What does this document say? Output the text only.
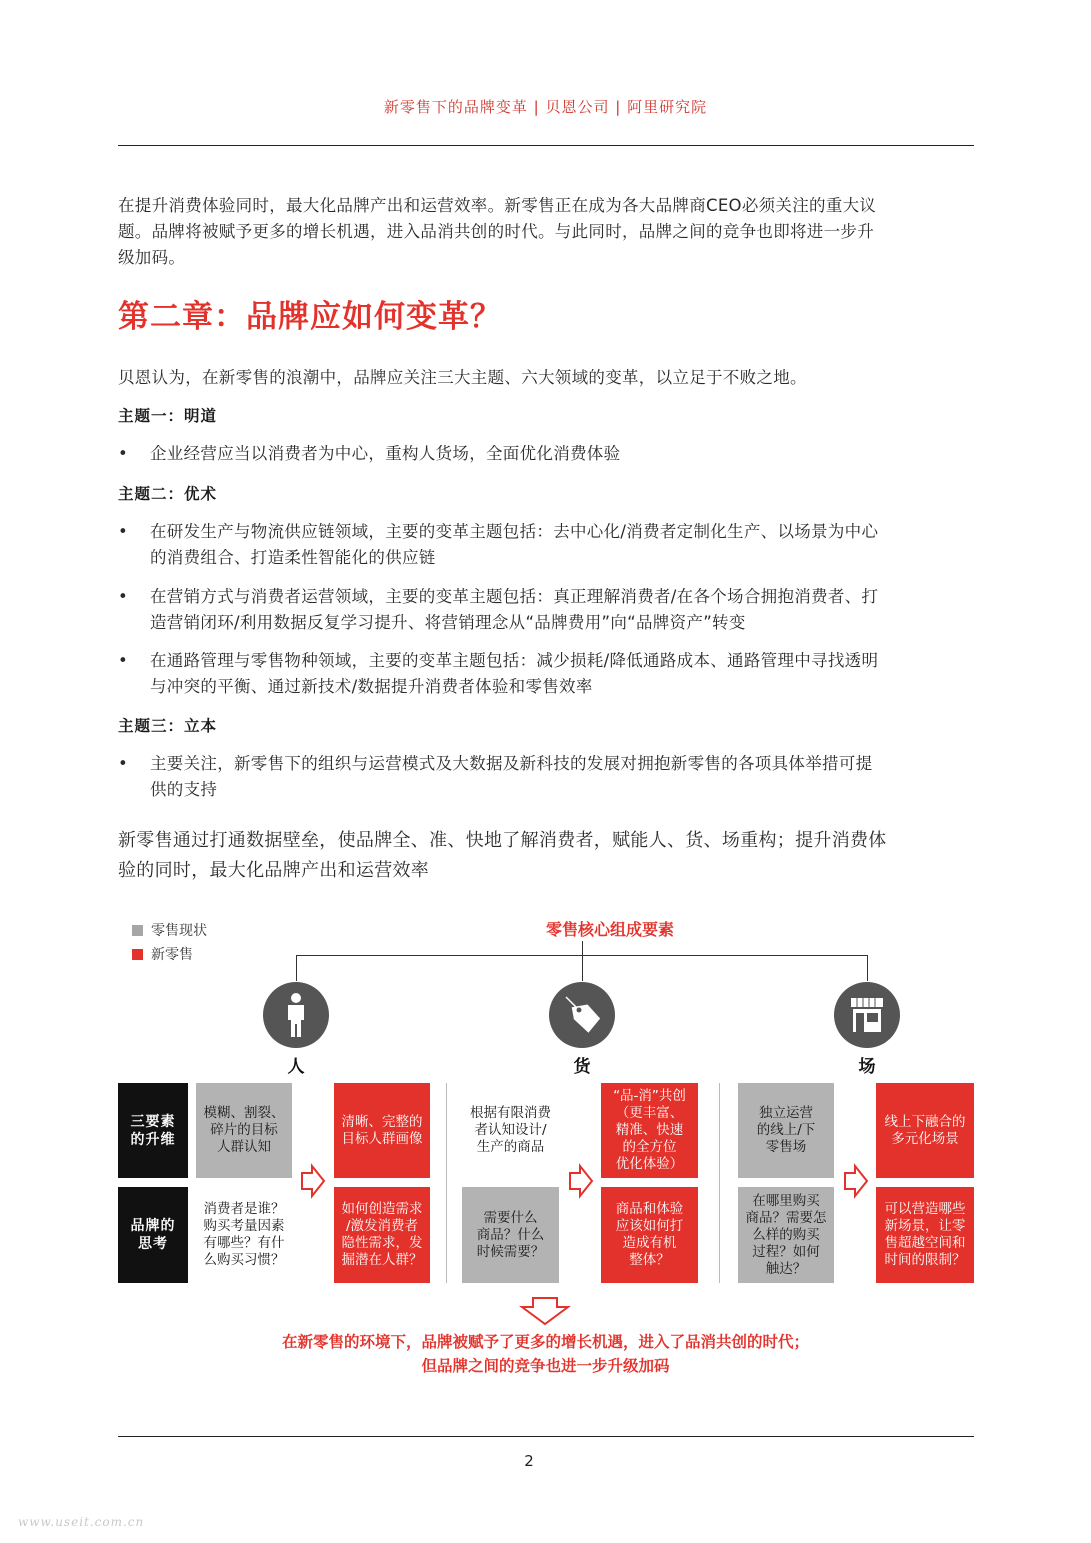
新零售下的品牌变革 | 贝恩公司 | 阿里研究院
在提升消费体验同时，最大化品牌产出和运营效率。新零售正在成为各大品牌商CEO必须关注的重大议
题。品牌将被赋予更多的增长机遇，进入品消共创的时代。与此同时，品牌之间的竞争也即将进一步升
级加码。
第二章：品牌应如何变革？
贝恩认为，在新零售的浪潮中，品牌应关注三大主题、六大领域的变革，以立足于不败之地。
主题一：明道
• 企业经营应当以消费者为中心，重构人货场，全面优化消费体验
主题二：优术
• 在研发生产与物流供应链领域，主要的变革主题包括：去中心化/消费者定制化生产、以场景为中心
的消费组合、打造柔性智能化的供应链
• 在营销方式与消费者运营领域，主要的变革主题包括：真正理解消费者/在各个场合拥抱消费者、打
造营销闭环/利用数据反复学习提升、将营销理念从“品牌费用”向“品牌资产”转变
• 在通路管理与零售物种领域，主要的变革主题包括：减少损耗/降低通路成本、通路管理中寻找透明
与冲突的平衡、通过新技术/数据提升消费者体验和零售效率
主题三：立本
• 主要关注，新零售下的组织与运营模式及大数据及新科技的发展对拥抱新零售的各项具体举措可提
供的支持
新零售通过打通数据壁垒，使品牌全、准、快地了解消费者，赋能人、货、场重构；提升消费体
验的同时，最大化品牌产出和运营效率
零售现状
新零售
零售核心组成要素
人	货	场
三要素
的升维
品牌的
思考
模糊、割裂、
碎片的目标
人群认知
消费者是谁？
购买考量因素
有哪些？有什
么购买习惯？
清晰、完整的
目标人群画像
如何创造需求
/激发消费者
隐性需求，发
掘潜在人群？
根据有限消费
者认知设计/
生产的商品
需要什么
商品？什么
时候需要？
“品-消”共创
（更丰富、
精准、快速
的全方位
优化体验）
商品和体验
应该如何打
造成有机
整体？
独立运营
的线上/下
零售场
在哪里购买
商品？需要怎
么样的购买
过程？如何
触达？
线上下融合的
多元化场景
可以营造哪些
新场景，让零
售超越空间和
时间的限制？
在新零售的环境下，品牌被赋予了更多的增长机遇，进入了品消共创的时代；
但品牌之间的竞争也进一步升级加码
2
www.useit.com.cn
